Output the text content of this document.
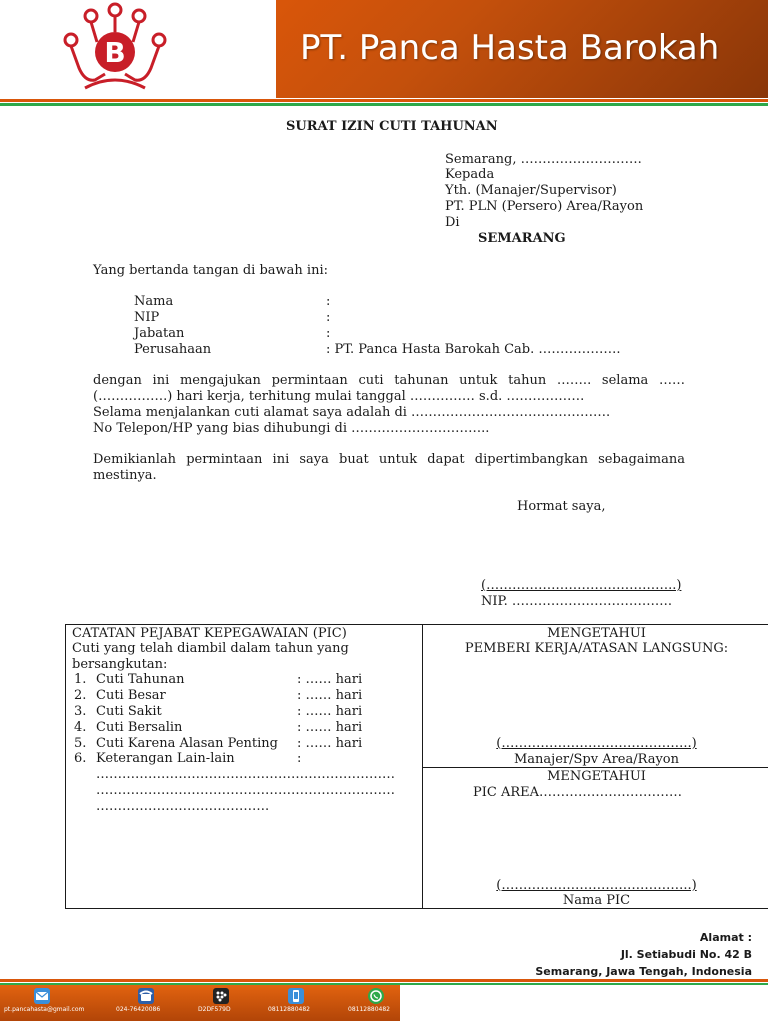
B	PT. Panca Hasta Barokah
SURAT IZIN CUTI TAHUNAN
Semarang, ……………………….
Kepada
Yth. (Manajer/Supervisor)
PT. PLN (Persero) Area/Rayon
Di
SEMARANG
Yang bertanda tangan di bawah ini:
Nama	:
NIP	:
Jabatan	:
Perusahaan	: PT. Panca Hasta Barokah Cab. ……………….
dengan ini mengajukan permintaan cuti tahunan untuk tahun …….. selama ……
(…………….) hari kerja, terhitung mulai tanggal …………… s.d. ………………
Selama menjalankan cuti alamat saya adalah di ……………………………………….
No Telepon/HP yang bias dihubungi di …………………………..
Demikianlah permintaan ini saya buat untuk dapat dipertimbangkan sebagaimana
mestinya.
Hormat saya,
(……………………………………..)
NIP. ……………………………….
CATATAN PEJABAT KEPEGAWAIAN (PIC)
Cuti yang telah diambil dalam tahun yang
bersangkutan:
1. Cuti Tahunan	: …… hari
2. Cuti Besar	: …… hari
3. Cuti Sakit	: …… hari
4. Cuti Bersalin	: …… hari
5. Cuti Karena Alasan Penting : …… hari
6. Keterangan Lain-lain	:
……………………………………………………………
……………………………………………………………
………………………………….
MENGETAHUI
PEMBERI KERJA/ATASAN LANGSUNG:
(……………………………………..)
Manajer/Spv Area/Rayon
MENGETAHUI
PIC AREA……………………………
(……………………………………..)
Nama PIC
Alamat :
Jl. Setiabudi No. 42 B
Semarang, Jawa Tengah, Indonesia
pt.pancahasta@gmail.com	024-76420086	D2DF579D	08112880482	08112880482
